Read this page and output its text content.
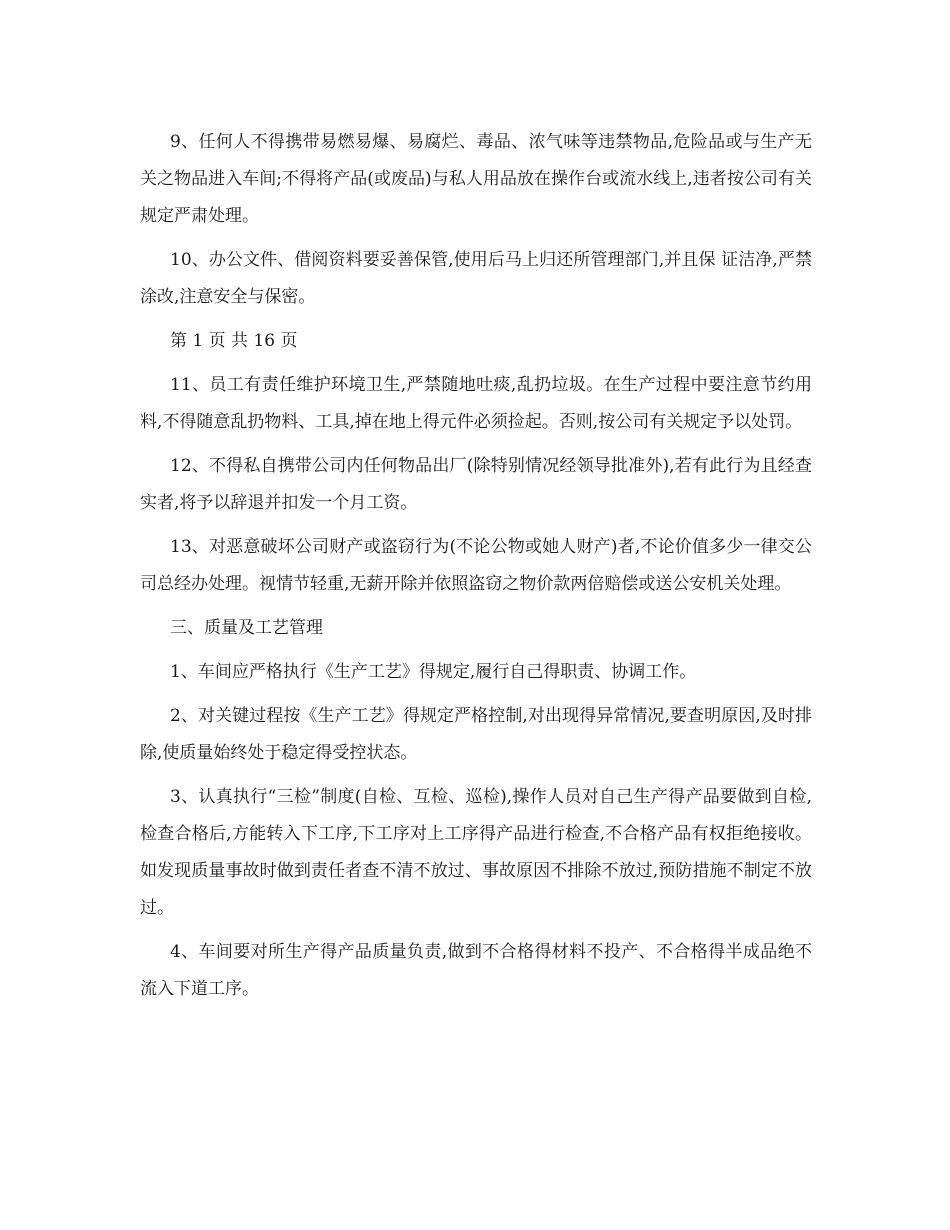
9、任何人不得携带易燃易爆、易腐烂、毒品、浓气味等违禁物品,危险品或与生产无关之物品进入车间;不得将产品(或废品)与私人用品放在操作台或流水线上,违者按公司有关规定严肃处理。

10、办公文件、借阅资料要妥善保管,使用后马上归还所管理部门,并且保 证洁净,严禁涂改,注意安全与保密。

第 1 页 共 16 页

11、员工有责任维护环境卫生,严禁随地吐痰,乱扔垃圾。在生产过程中要注意节约用料,不得随意乱扔物料、工具,掉在地上得元件必须捡起。否则,按公司有关规定予以处罚。

12、不得私自携带公司内任何物品出厂(除特别情况经领导批准外),若有此行为且经查实者,将予以辞退并扣发一个月工资。

13、对恶意破坏公司财产或盗窃行为(不论公物或她人财产)者,不论价值多少一律交公司总经办处理。视情节轻重,无薪开除并依照盗窃之物价款两倍赔偿或送公安机关处理。

三、质量及工艺管理

1、车间应严格执行《生产工艺》得规定,履行自己得职责、协调工作。

2、对关键过程按《生产工艺》得规定严格控制,对出现得异常情况,要查明原因,及时排除,使质量始终处于稳定得受控状态。

3、认真执行“三检”制度(自检、互检、巡检),操作人员对自己生产得产品要做到自检,检查合格后,方能转入下工序,下工序对上工序得产品进行检查,不合格产品有权拒绝接收。如发现质量事故时做到责任者查不清不放过、事故原因不排除不放过,预防措施不制定不放过。

4、车间要对所生产得产品质量负责,做到不合格得材料不投产、不合格得半成品绝不流入下道工序。
